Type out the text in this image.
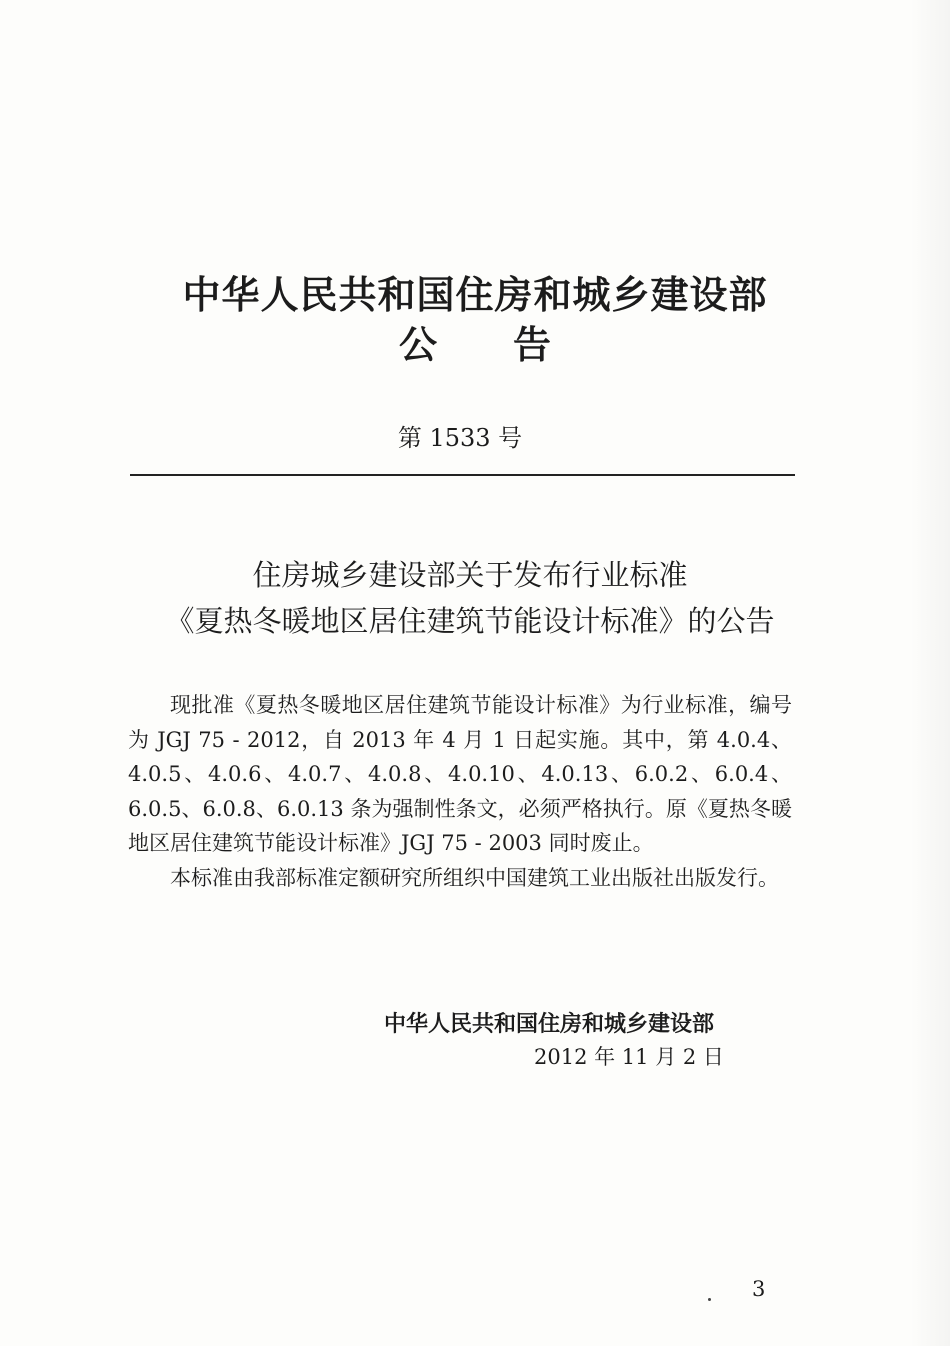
中华人民共和国住房和城乡建设部
公　　告
第 1533 号
住房城乡建设部关于发布行业标准
《夏热冬暖地区居住建筑节能设计标准》的公告

现批准《夏热冬暖地区居住建筑节能设计标准》为行业标准，编号为 JGJ 75 - 2012，自 2013 年 4 月 1 日起实施。其中，第 4.0.4、4.0.5、4.0.6、4.0.7、4.0.8、4.0.10、4.0.13、6.0.2、6.0.4、6.0.5、6.0.8、6.0.13 条为强制性条文，必须严格执行。原《夏热冬暖地区居住建筑节能设计标准》JGJ 75 - 2003 同时废止。

本标准由我部标准定额研究所组织中国建筑工业出版社出版发行。

中华人民共和国住房和城乡建设部
2012 年 11 月 2 日
3
